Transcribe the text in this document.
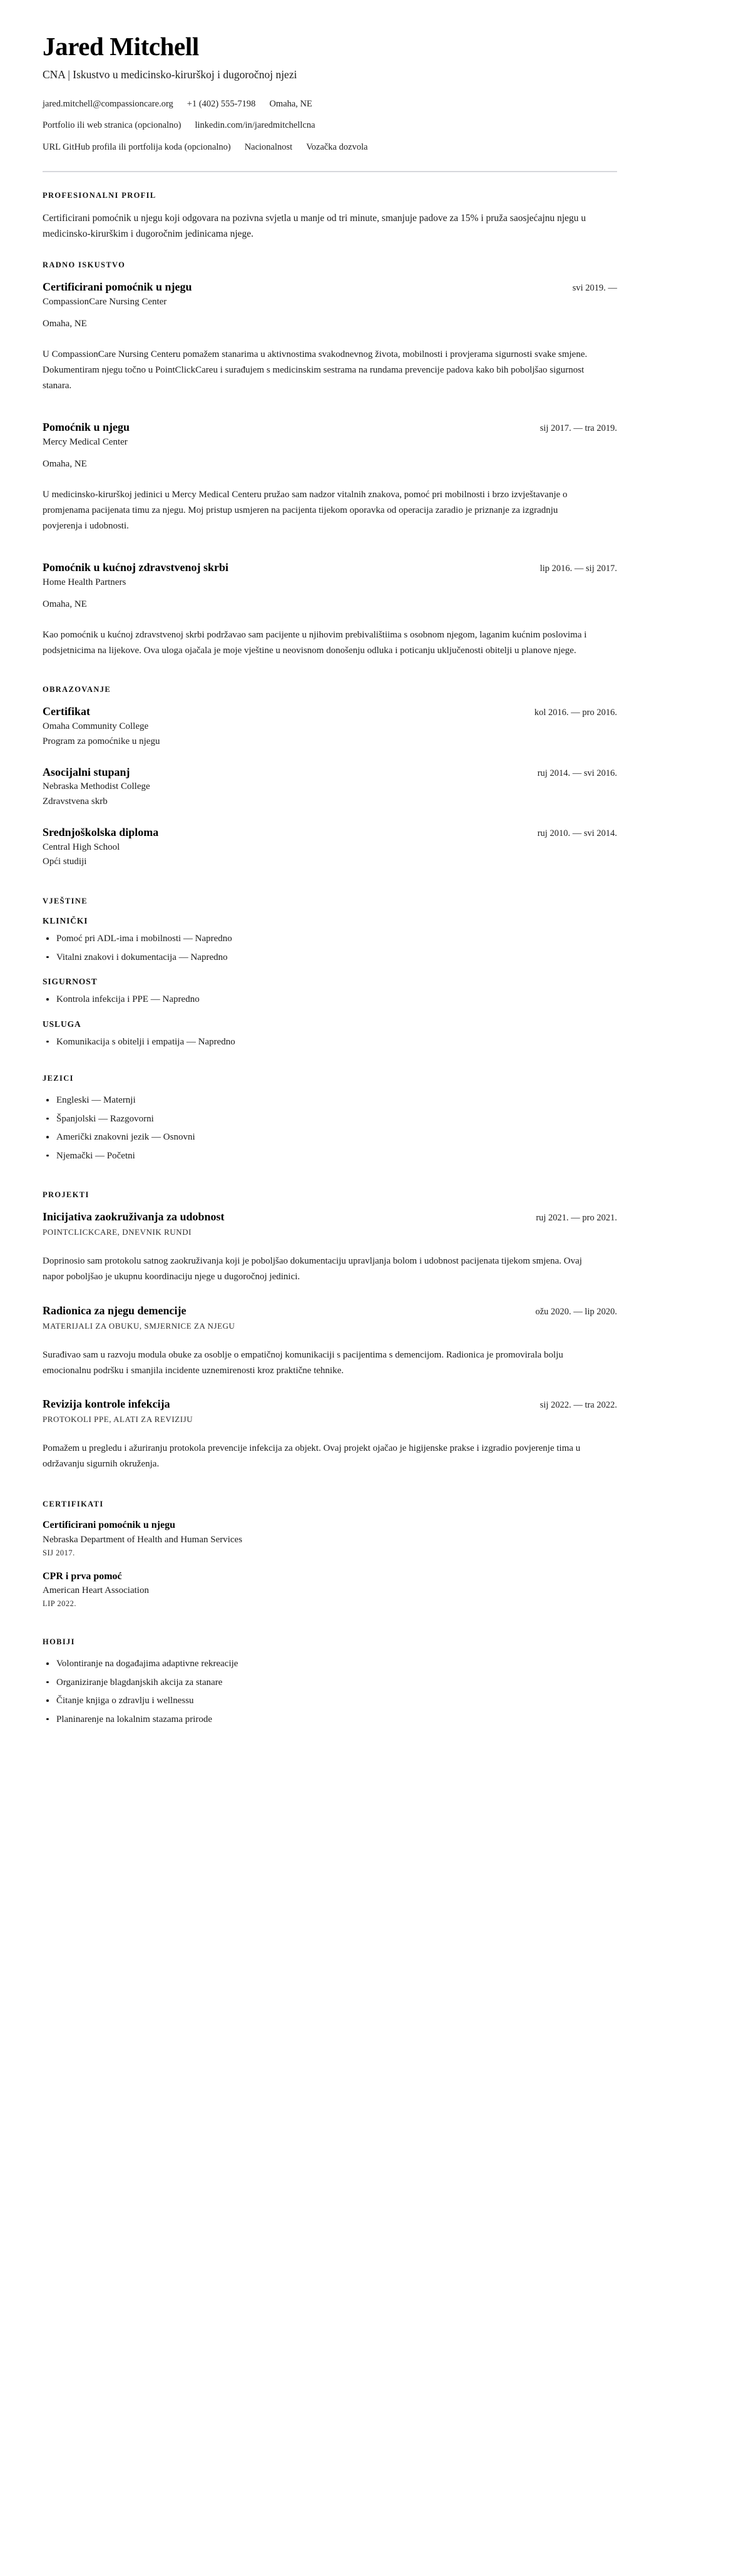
Jared Mitchell

CNA | Iskustvo u medicinsko-kirurškoj i dugoročnoj njezi

jared.mitchell@compassioncare.org +1 (402) 555-7198 Omaha, NE
Portfolio ili web stranica (opcionalno) linkedin.com/in/jaredmitchellcna
URL GitHub profila ili portfolija koda (opcionalno) Nacionalnost Vozačka dozvola
PROFESIONALNI PROFIL

Certificirani pomoćnik u njegu koji odgovara na pozivna svjetla u manje od tri minute, smanjuje padove za 15% i pruža saosjećajnu njegu u medicinsko-kirurškim i dugoročnim jedinicama njege.

RADNO ISKUSTVO
Certificirani pomoćnik u njegu	svi 2019. —

CompassionCare Nursing Center

Omaha, NE

U CompassionCare Nursing Centeru pomažem stanarima u aktivnostima svakodnevnog života, mobilnosti i provjerama sigurnosti svake smjene. Dokumentiram njegu točno u PointClickCareu i surađujem s medicinskim sestrama na rundama prevencije padova kako bih poboljšao sigurnost stanara.

Pomoćnik u njegu	sij 2017. — tra 2019.

Mercy Medical Center

Omaha, NE

U medicinsko-kirurškoj jedinici u Mercy Medical Centeru pružao sam nadzor vitalnih znakova, pomoć pri mobilnosti i brzo izvještavanje o promjenama pacijenata timu za njegu. Moj pristup usmjeren na pacijenta tijekom oporavka od operacija zaradio je priznanje za izgradnju povjerenja i udobnosti.

Pomoćnik u kućnoj zdravstvenoj skrbi	lip 2016. — sij 2017.

Home Health Partners

Omaha, NE

Kao pomoćnik u kućnoj zdravstvenoj skrbi podržavao sam pacijente u njihovim prebivalištiima s osobnom njegom, laganim kućnim poslovima i podsjetnicima na lijekove. Ova uloga ojačala je moje vještine u neovisnom donošenju odluka i poticanju uključenosti obitelji u planove njege.

OBRAZOVANJE
Certifikat	kol 2016. — pro 2016.

Omaha Community College

Program za pomoćnike u njegu

Asocijalni stupanj	ruj 2014. — svi 2016.

Nebraska Methodist College

Zdravstvena skrb

Srednjoškolska diploma	ruj 2010. — svi 2014.

Central High School

Opći studiji

VJEŠTINE
KLINIČKI
Pomoć pri ADL-ima i mobilnosti — Napredno
Vitalni znakovi i dokumentacija — Napredno
SIGURNOST
Kontrola infekcija i PPE — Napredno
USLUGA
Komunikacija s obitelji i empatija — Napredno
JEZICI
Engleski — Maternji
Španjolski — Razgovorni
Američki znakovni jezik — Osnovni
Njemački — Početni
PROJEKTI
Inicijativa zaokruživanja za udobnost	ruj 2021. — pro 2021.

POINTCLICKCARE, DNEVNIK RUNDI

Doprinosio sam protokolu satnog zaokruživanja koji je poboljšao dokumentaciju upravljanja bolom i udobnost pacijenata tijekom smjena. Ovaj napor poboljšao je ukupnu koordinaciju njege u dugoročnoj jedinici.

Radionica za njegu demencije	ožu 2020. — lip 2020.

MATERIJALI ZA OBUKU, SMJERNICE ZA NJEGU

Surađivao sam u razvoju modula obuke za osoblje o empatičnoj komunikaciji s pacijentima s demencijom. Radionica je promovirala bolju emocionalnu podršku i smanjila incidente uznemirenosti kroz praktične tehnike.

Revizija kontrole infekcija	sij 2022. — tra 2022.

PROTOKOLI PPE, ALATI ZA REVIZIJU

Pomažem u pregledu i ažuriranju protokola prevencije infekcija za objekt. Ovaj projekt ojačao je higijenske prakse i izgradio povjerenje tima u održavanju sigurnih okruženja.

CERTIFIKATI
Certificirani pomoćnik u njegu

Nebraska Department of Health and Human Services

SIJ 2017.

CPR i prva pomoć

American Heart Association

LIP 2022.

HOBIJI
Volontiranje na događajima adaptivne rekreacije
Organiziranje blagdanjskih akcija za stanare
Čitanje knjiga o zdravlju i wellnessu
Planinarenje na lokalnim stazama prirode
